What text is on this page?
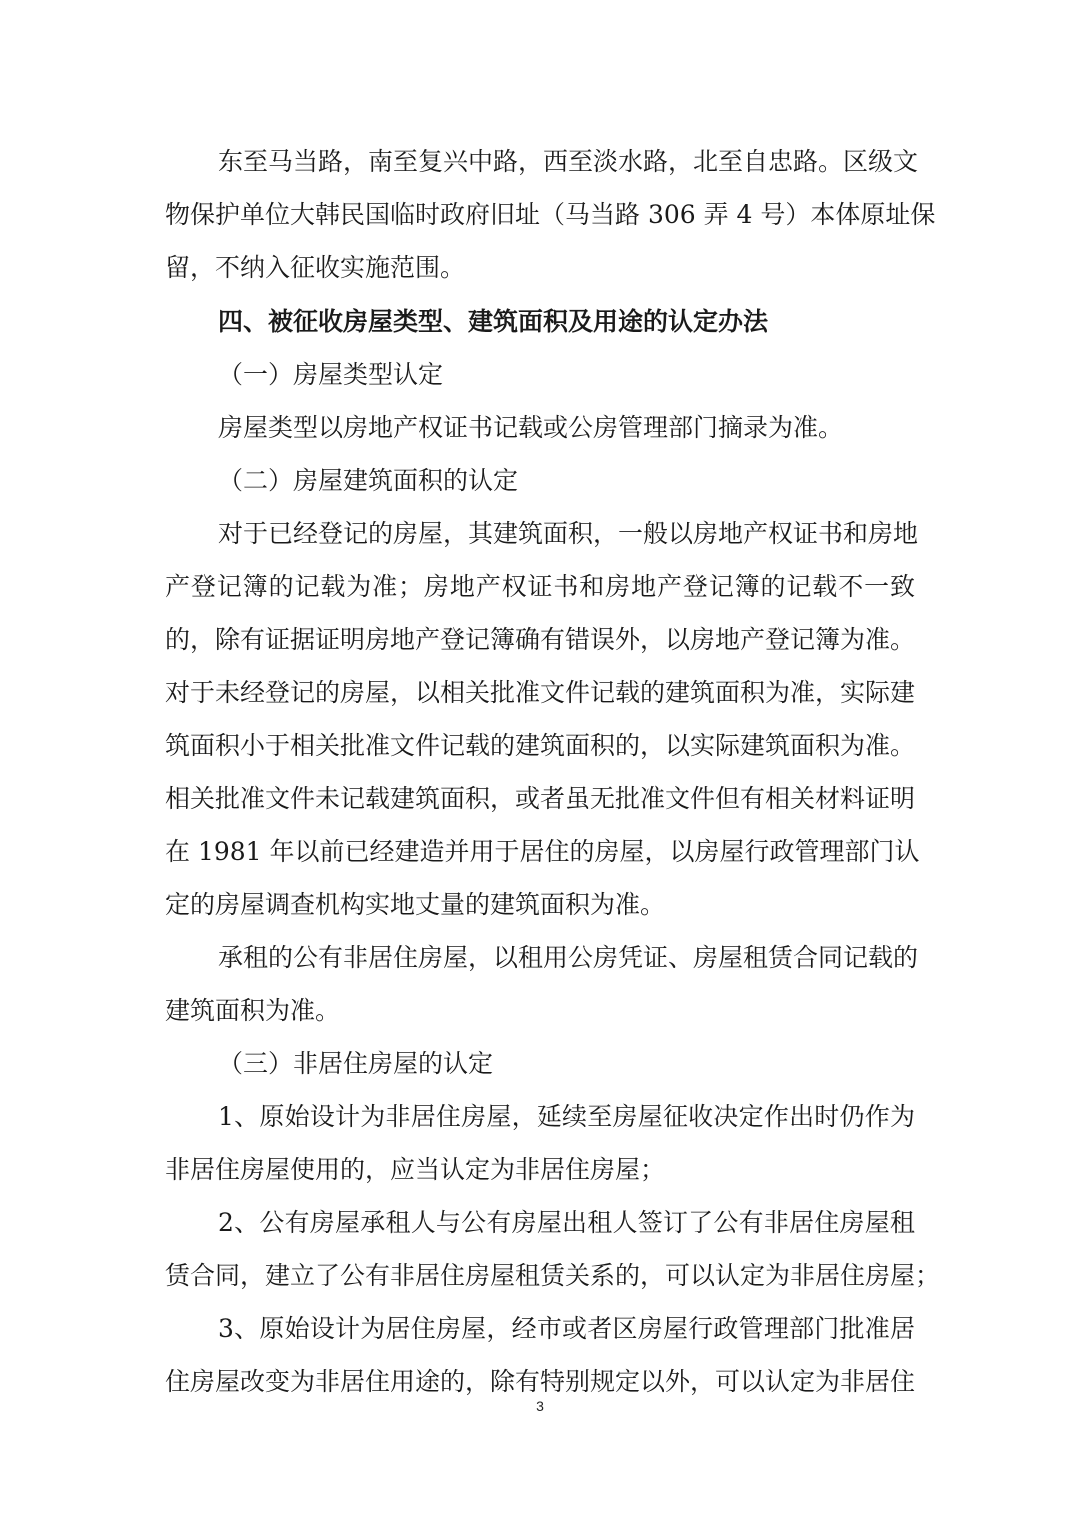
东至马当路，南至复兴中路，西至淡水路，北至自忠路。区级文
物保护单位大韩民国临时政府旧址（马当路 306 弄 4 号）本体原址保
留，不纳入征收实施范围。
四、被征收房屋类型、建筑面积及用途的认定办法
（一）房屋类型认定
房屋类型以房地产权证书记载或公房管理部门摘录为准。
（二）房屋建筑面积的认定
对于已经登记的房屋，其建筑面积，一般以房地产权证书和房地
产登记簿的记载为准；房地产权证书和房地产登记簿的记载不一致
的，除有证据证明房地产登记簿确有错误外，以房地产登记簿为准。
对于未经登记的房屋，以相关批准文件记载的建筑面积为准，实际建
筑面积小于相关批准文件记载的建筑面积的，以实际建筑面积为准。
相关批准文件未记载建筑面积，或者虽无批准文件但有相关材料证明
在 1981 年以前已经建造并用于居住的房屋，以房屋行政管理部门认
定的房屋调查机构实地丈量的建筑面积为准。
承租的公有非居住房屋，以租用公房凭证、房屋租赁合同记载的
建筑面积为准。
（三）非居住房屋的认定
1、原始设计为非居住房屋，延续至房屋征收决定作出时仍作为
非居住房屋使用的，应当认定为非居住房屋；
2、公有房屋承租人与公有房屋出租人签订了公有非居住房屋租
赁合同，建立了公有非居住房屋租赁关系的，可以认定为非居住房屋；
3、原始设计为居住房屋，经市或者区房屋行政管理部门批准居
住房屋改变为非居住用途的，除有特别规定以外，可以认定为非居住
3
